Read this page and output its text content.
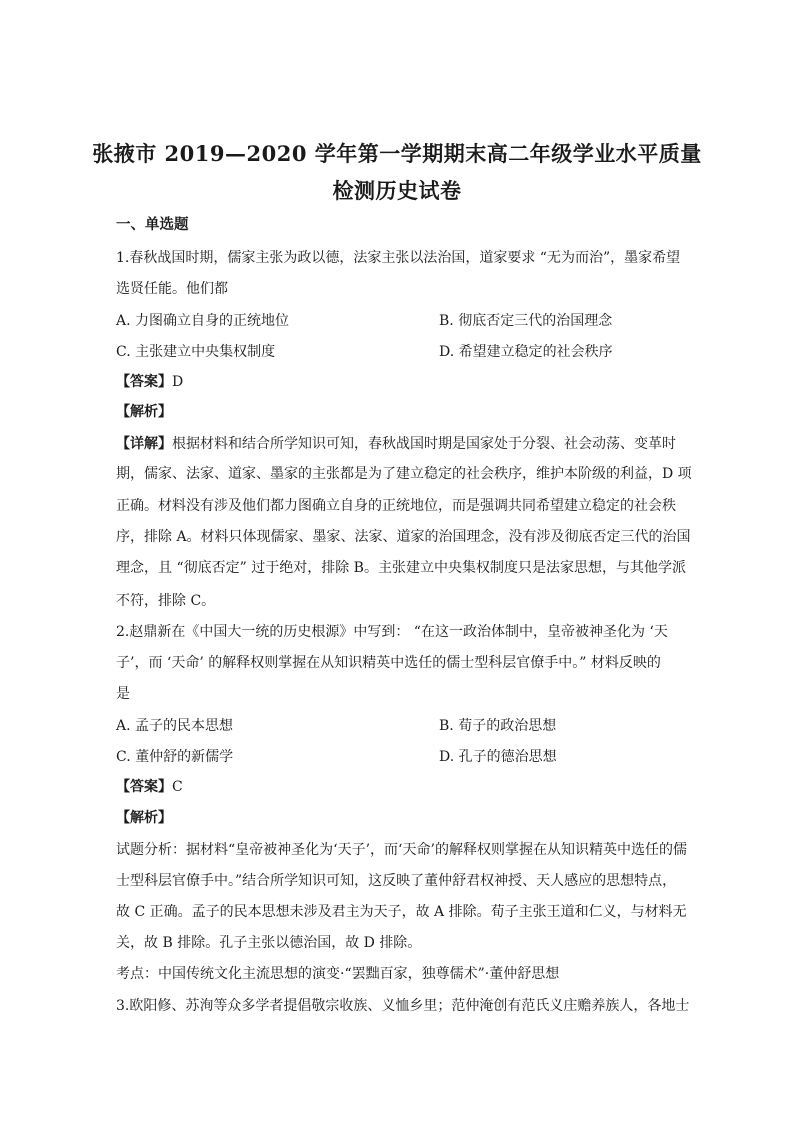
张掖市 2019—2020 学年第一学期期末高二年级学业水平质量
检测历史试卷
一、单选题
1.春秋战国时期，儒家主张为政以德，法家主张以法治国，道家要求 “无为而治”，墨家希望
选贤任能。他们都
A. 力图确立自身的正统地位	B. 彻底否定三代的治国理念
C. 主张建立中央集权制度	D. 希望建立稳定的社会秩序
【答案】D
【解析】
【详解】根据材料和结合所学知识可知，春秋战国时期是国家处于分裂、社会动荡、变革时
期，儒家、法家、道家、墨家的主张都是为了建立稳定的社会秩序，维护本阶级的利益，D 项
正确。材料没有涉及他们都力图确立自身的正统地位，而是强调共同希望建立稳定的社会秩
序，排除 A。材料只体现儒家、墨家、法家、道家的治国理念，没有涉及彻底否定三代的治国
理念，且 “彻底否定” 过于绝对，排除 B。主张建立中央集权制度只是法家思想，与其他学派
不符，排除 C。
2.赵鼎新在《中国大一统的历史根源》中写到： “在这一政治体制中，皇帝被神圣化为 ‘天
子’，而 ‘天命’ 的解释权则掌握在从知识精英中选任的儒士型科层官僚手中。” 材料反映的
是
A. 孟子的民本思想	B. 荀子的政治思想
C. 董仲舒的新儒学	D. 孔子的德治思想
【答案】C
【解析】
试题分析：据材料“皇帝被神圣化为‘天子’，而‘天命’的解释权则掌握在从知识精英中选任的儒
士型科层官僚手中。”结合所学知识可知，这反映了董仲舒君权神授、天人感应的思想特点，
故 C 正确。孟子的民本思想未涉及君主为天子，故 A 排除。荀子主张王道和仁义，与材料无
关，故 B 排除。孔子主张以德治国，故 D 排除。
考点：中国传统文化主流思想的演变·“罢黜百家，独尊儒术”·董仲舒思想
3.欧阳修、苏洵等众多学者提倡敬宗收族、义恤乡里；范仲淹创有范氏义庄赡养族人，各地士
